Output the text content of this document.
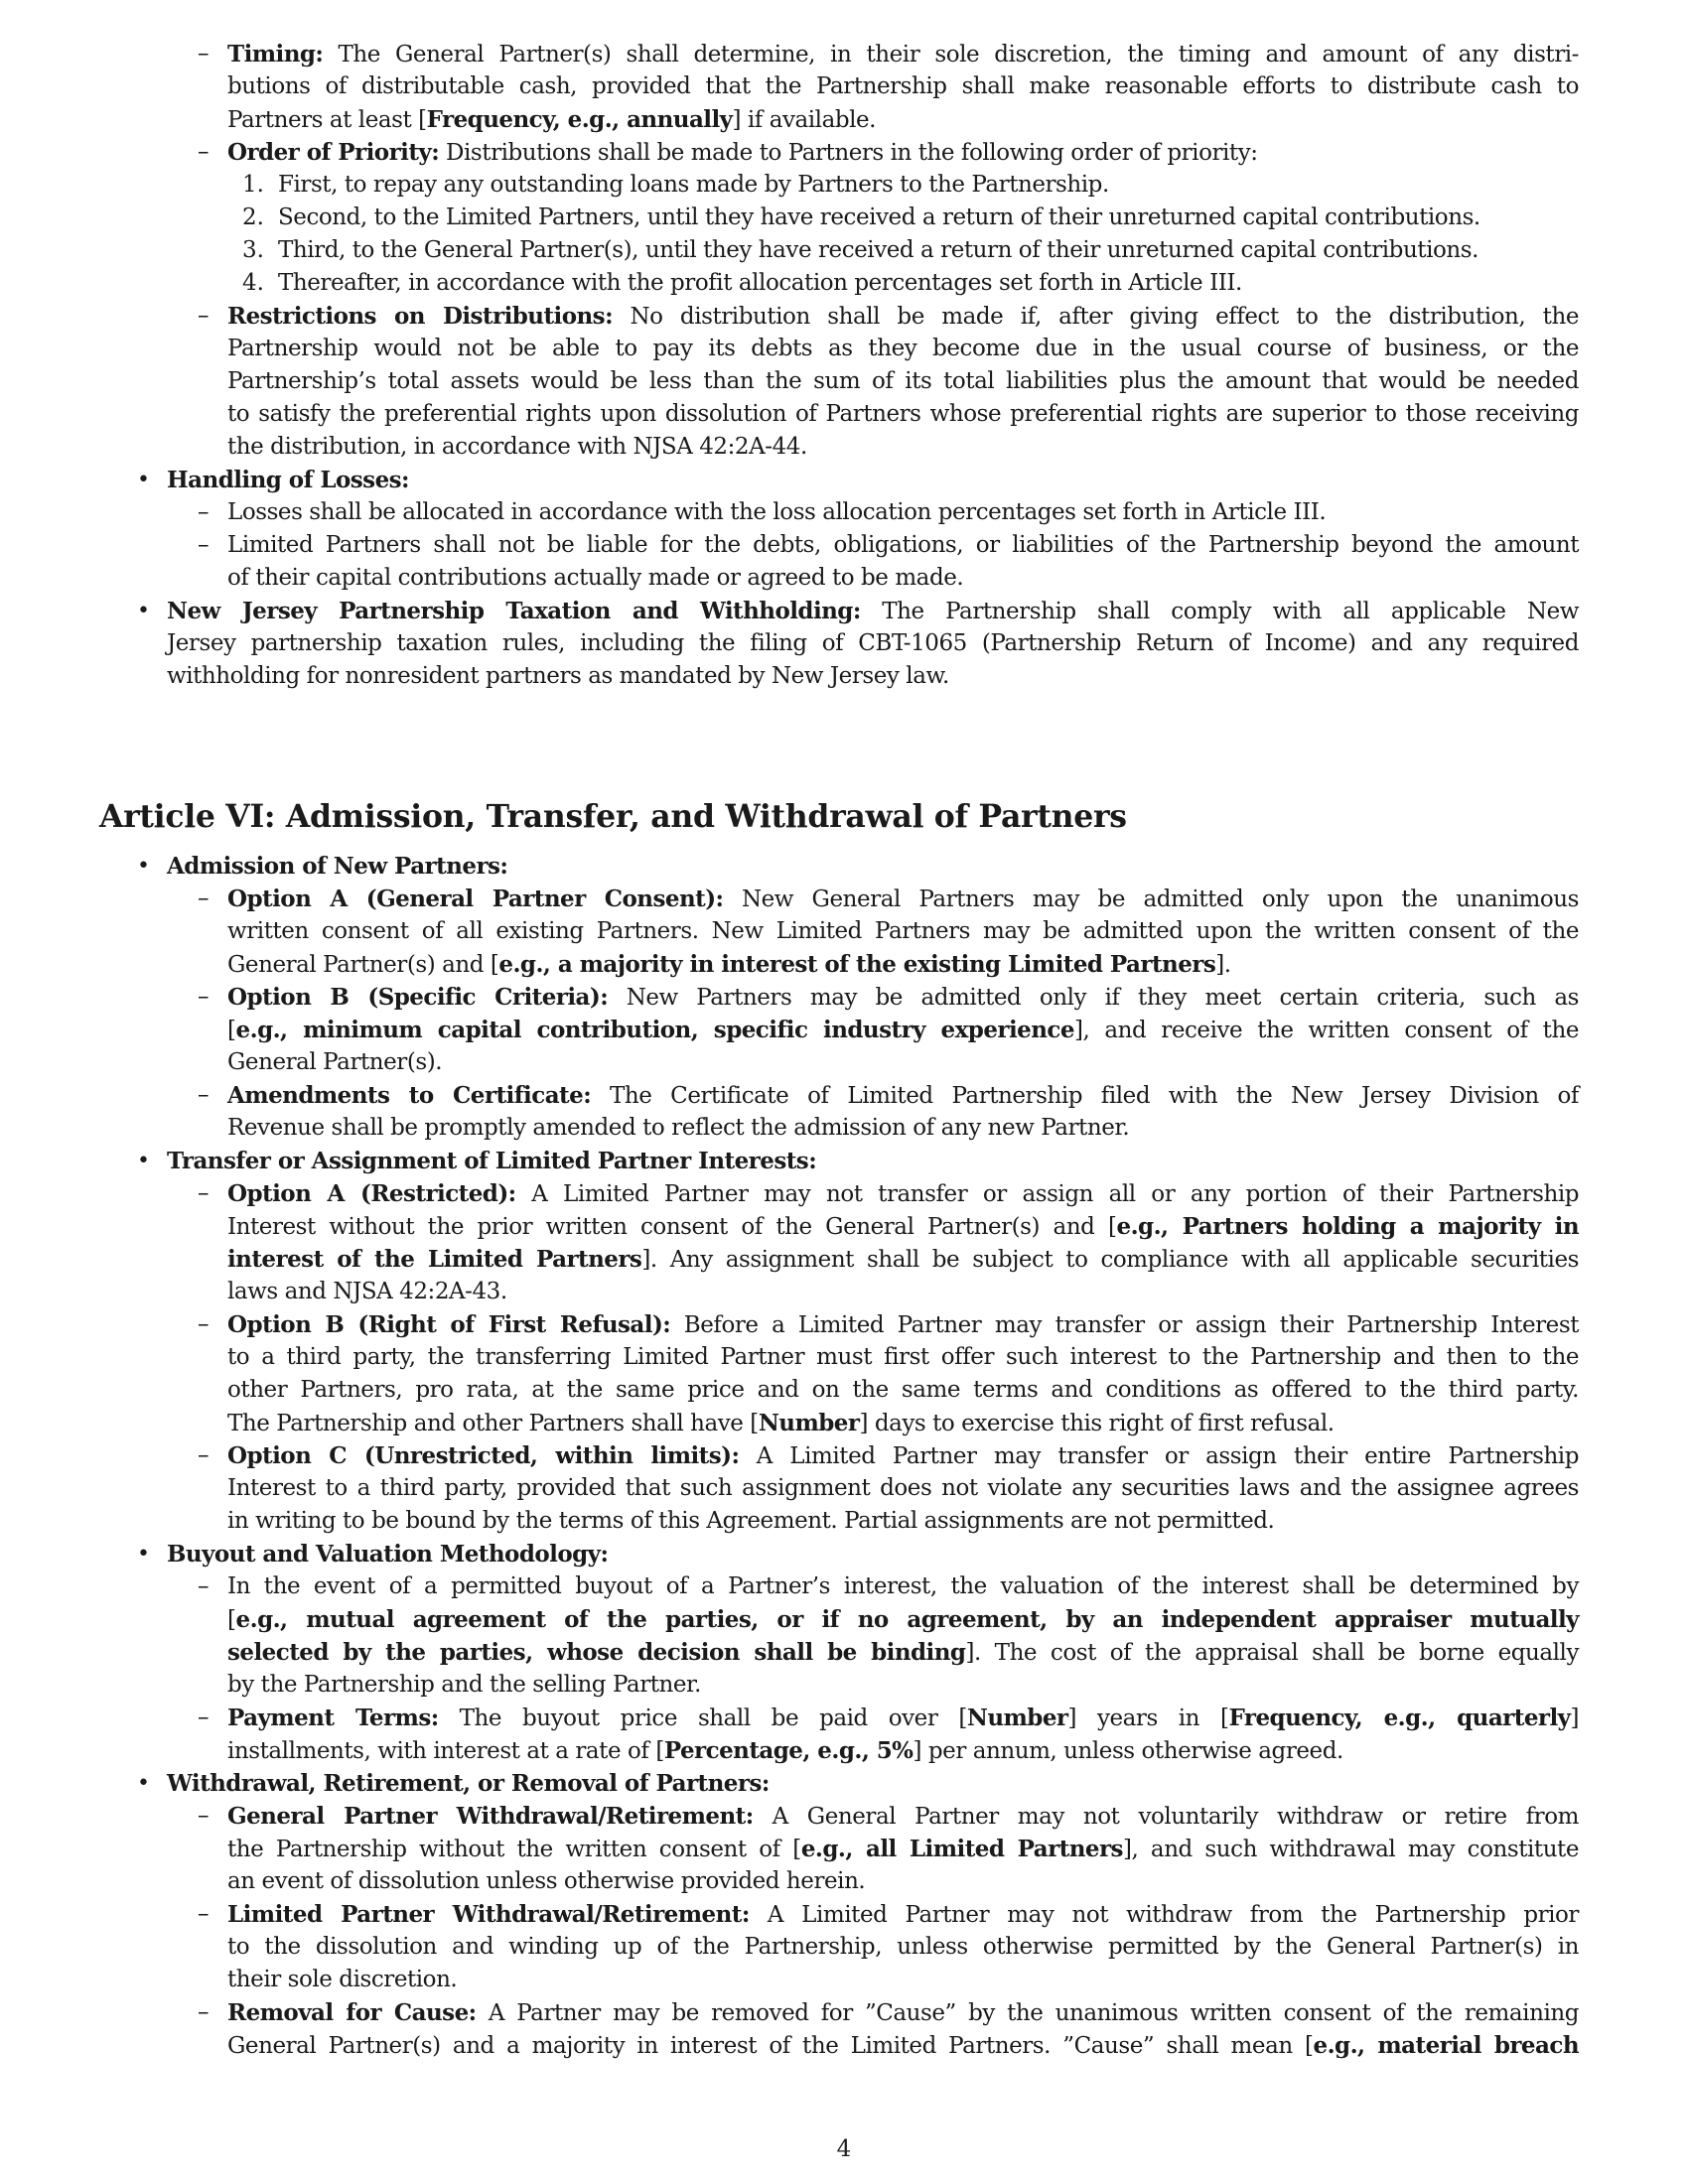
Article VI: Admission, Transfer, and Withdrawal of Partners
Timing: The General Partner(s) shall determine, in their sole discretion, the timing and amount of any distri-
butions of distributable cash, provided that the Partnership shall make reasonable efforts to distribute cash to
Partners at least [Frequency, e.g., annually] if available.
Order of Priority: Distributions shall be made to Partners in the following order of priority:
First, to repay any outstanding loans made by Partners to the Partnership.
Second, to the Limited Partners, until they have received a return of their unreturned capital contributions.
Third, to the General Partner(s), until they have received a return of their unreturned capital contributions.
Thereafter, in accordance with the profit allocation percentages set forth in Article III.
Restrictions on Distributions: No distribution shall be made if, after giving effect to the distribution, the
Partnership would not be able to pay its debts as they become due in the usual course of business, or the
Partnership’s total assets would be less than the sum of its total liabilities plus the amount that would be needed
to satisfy the preferential rights upon dissolution of Partners whose preferential rights are superior to those receiving
the distribution, in accordance with NJSA 42:2A-44.
Handling of Losses:
Losses shall be allocated in accordance with the loss allocation percentages set forth in Article III.
Limited Partners shall not be liable for the debts, obligations, or liabilities of the Partnership beyond the amount
of their capital contributions actually made or agreed to be made.
New Jersey Partnership Taxation and Withholding: The Partnership shall comply with all applicable New
Jersey partnership taxation rules, including the filing of CBT-1065 (Partnership Return of Income) and any required
withholding for nonresident partners as mandated by New Jersey law.
Admission of New Partners:
Option A (General Partner Consent): New General Partners may be admitted only upon the unanimous
written consent of all existing Partners. New Limited Partners may be admitted upon the written consent of the
General Partner(s) and [e.g., a majority in interest of the existing Limited Partners].
Option B (Specific Criteria): New Partners may be admitted only if they meet certain criteria, such as
[e.g., minimum capital contribution, specific industry experience], and receive the written consent of the
General Partner(s).
Amendments to Certificate: The Certificate of Limited Partnership filed with the New Jersey Division of
Revenue shall be promptly amended to reflect the admission of any new Partner.
Transfer or Assignment of Limited Partner Interests:
Option A (Restricted): A Limited Partner may not transfer or assign all or any portion of their Partnership
Interest without the prior written consent of the General Partner(s) and [e.g., Partners holding a majority in
interest of the Limited Partners]. Any assignment shall be subject to compliance with all applicable securities
laws and NJSA 42:2A-43.
Option B (Right of First Refusal): Before a Limited Partner may transfer or assign their Partnership Interest
to a third party, the transferring Limited Partner must first offer such interest to the Partnership and then to the
other Partners, pro rata, at the same price and on the same terms and conditions as offered to the third party.
The Partnership and other Partners shall have [Number] days to exercise this right of first refusal.
Option C (Unrestricted, within limits): A Limited Partner may transfer or assign their entire Partnership
Interest to a third party, provided that such assignment does not violate any securities laws and the assignee agrees
in writing to be bound by the terms of this Agreement. Partial assignments are not permitted.
Buyout and Valuation Methodology:
In the event of a permitted buyout of a Partner’s interest, the valuation of the interest shall be determined by
[e.g., mutual agreement of the parties, or if no agreement, by an independent appraiser mutually
selected by the parties, whose decision shall be binding]. The cost of the appraisal shall be borne equally
by the Partnership and the selling Partner.
Payment Terms: The buyout price shall be paid over [Number] years in [Frequency, e.g., quarterly]
installments, with interest at a rate of [Percentage, e.g., 5%] per annum, unless otherwise agreed.
Withdrawal, Retirement, or Removal of Partners:
General Partner Withdrawal/Retirement: A General Partner may not voluntarily withdraw or retire from
the Partnership without the written consent of [e.g., all Limited Partners], and such withdrawal may constitute
an event of dissolution unless otherwise provided herein.
Limited Partner Withdrawal/Retirement: A Limited Partner may not withdraw from the Partnership prior
to the dissolution and winding up of the Partnership, unless otherwise permitted by the General Partner(s) in
their sole discretion.
Removal for Cause: A Partner may be removed for ”Cause” by the unanimous written consent of the remaining
General Partner(s) and a majority in interest of the Limited Partners. ”Cause” shall mean [e.g., material breach
–
–
1.
2.
3.
4.
–
•
–
–
•
•
–
–
–
•
–
–
–
•
–
–
•
–
–
–
4
